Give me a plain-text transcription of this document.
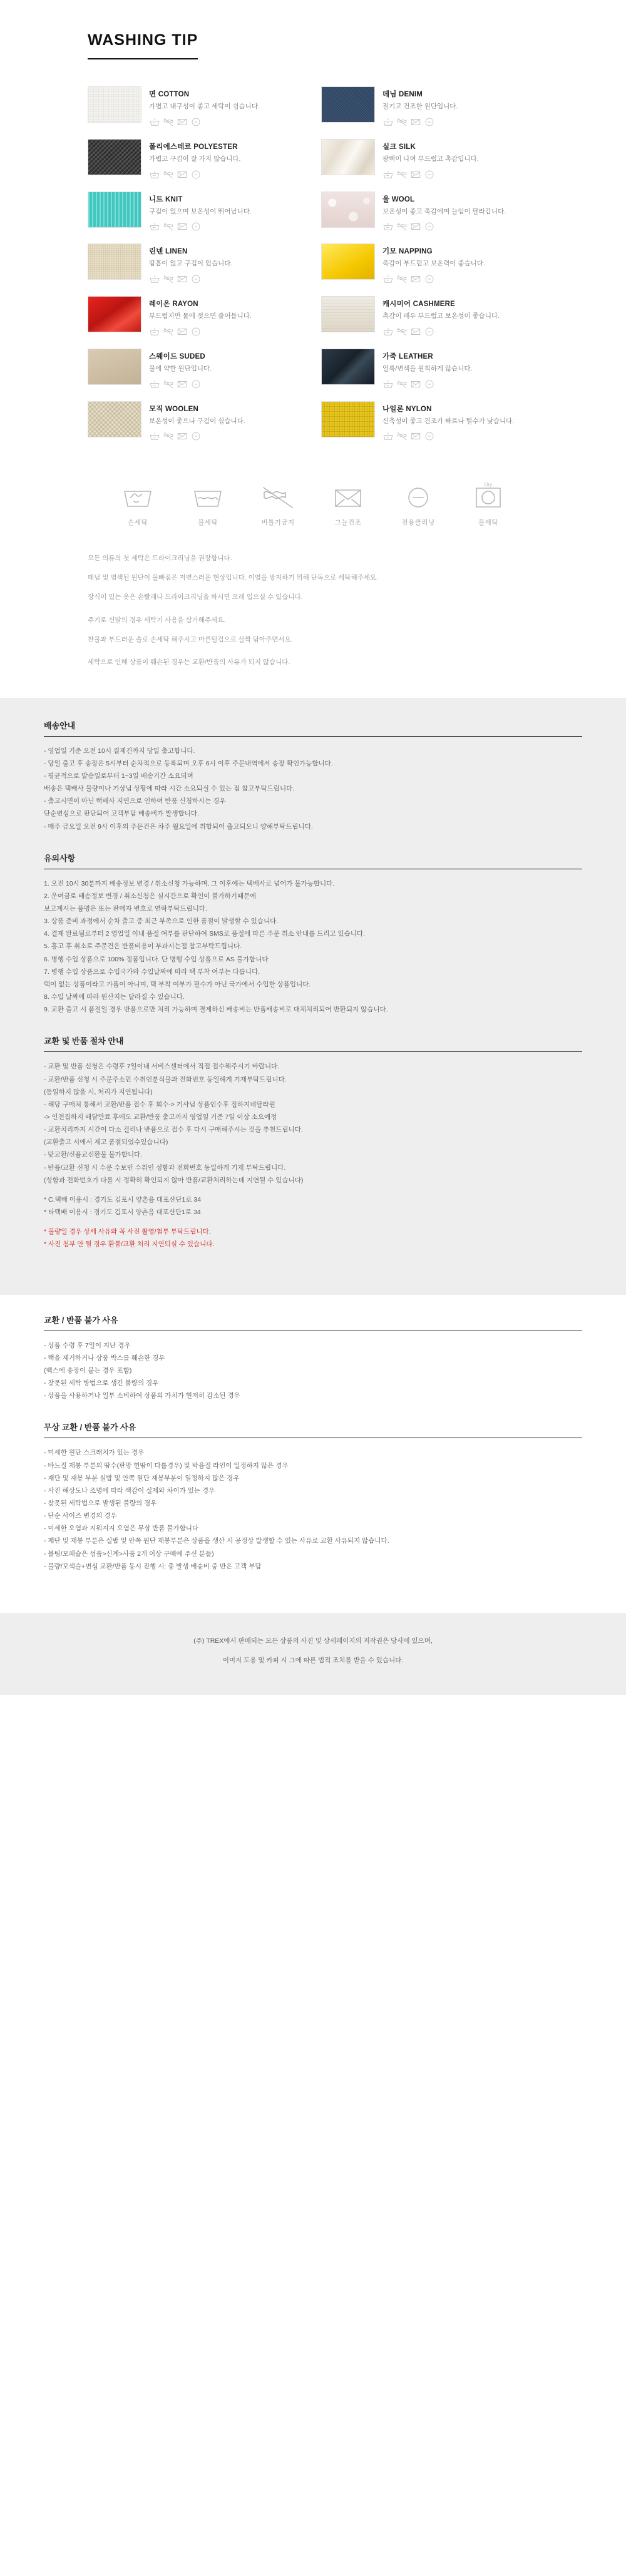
WASHING TIP
면 COTTON
가볍고 내구성이 좋고 세탁이 쉽습니다.
데님 DENIM
질기고 건조한 원단입니다.
폴리에스테르 POLYESTER
가볍고 구김이 잘 가지 않습니다.
실크 SILK
광택이 나며 부드럽고 촉감입니다.
니트 KNIT
구김이 없으며 보온성이 뛰어납니다.
울 WOOL
보온성이 좋고 촉감에며 늘임이 달라갑니다.
린넨 LINEN
땀흡이 없고 구김이 있습니다.
기모 NAPPING
촉감이 부드럽고 보온력이 좋습니다.
레이온 RAYON
부드럽지만 물에 젖으면 줄어듭니다.
캐시미어 CASHMERE
촉감이 매우 부드럽고 보온성이 좋습니다.
스웨이드 SUDED
물에 약한 원단입니다.
가죽 LEATHER
얼룩/변색을 원칙하게 않습니다.
모직 WOOLEN
보온성이 좋으나 구김이 쉽습니다.
나일론 NYLON
신축성이 좋고 건조가 빠르나 털수가 낮습니다.
손세탁	물세탁	비틀기금지	그늘건조	전용클리닝
Dry
물세탁

모든 의류의 첫 세탁은 드라이크리닝을 권장합니다.

데님 및 염색된 원단이 물빠짐은 저연스러운 현상입니다. 이염을 방지하기 위해 단독으로 세탁해주세요.

장식이 있는 옷은 손빨래나 드라이크리닝을 하시면 오래 입으실 수 있습니다.

주기로 신발의 경우 세탁기 사용을 삼가해주세요.

찬물과 부드러운 솔로 손세탁 해주시고 마른털겁으로 살짝 닦아주면서요.

세탁으로 인해 상품이 훼손된 경우는 교환/반품의 사유가 되지 않습니다.

배송안내

- 영업일 기준 오전 10시 결제건까지 당일 출고합니다.

- 당일 출고 후 송장은 5시부터 순차적으로 등록되며 오후 6시 이후 주문내역에서 송장 확인가능합니다.

- 평균적으로 발송일로부터 1~3일 배송기간 소요되며

배송은 택배사 물량이나 기상님 상황에 따라 시간 소요되실 수 있는 점 참고부탁드립니다.

- 출고시면이 아닌 택배사 지연으로 인하여 반품 신청하시는 경우

단순변심으로 판단되어 고객부담 배송비가 발생합니다.

- 매주 금요일 오전 9시 이후의 주문건은 차주 월요일에 취합되어 출고되오니 양해부탁드립니다.

유의사항

1. 오전 10시 30분까지 배송정보 변경 / 취소신청 가능하며, 그 이후에는 택배사로 넘어가 불가능합니다.

2. 운여금로 배송정보 변경 / 취소신청은 실시간으로 확인이 불가하기때문에

보고계시는 품명은 또는 판매자 변호로 연락부탁드립니다.

3. 상품 준비 과정에서 순차 출고 중 최근 부족으로 인한 품절이 발생할 수 있습니다.

4. 결제 완료됨로부터 2 영업일 이내 품절 여부를 판단하여 SMS로 품절에 따른 주문 취소 안내를 드리고 있습니다.

5. 홍고 후 취소로 주문건은 반품비용이 부과시는점 참고부탁드립니다.

6. 병행 수입 상품으로 100% 정품입니다. 단 병행 수입 상품으로 AS 불가합니다

7. 병행 수입 상품으로 수입국가와 수입날짜에 따라 택 부착 여부는 다릅니다.

택이 없는 상품이라고 가품이 아니며, 택 부착 여부가 필수가 아닌 국가에서 수입한 상품입니다.

8. 수입 날짜에 따라 원산지는 달라질 수 있습니다.

9. 교환 출고 시 품절일 경우 반품으로만 처리 가능하며 결제하신 배송비는 반품배송비로 대체처리되어 반환되지 않습니다.

교환 및 반품 절차 안내

- 교환 및 반품 신청은 수령후 7일이내 서비스센터에서 직접 접수해주시기 바랍니다.

- 교환/반품 신청 시 주문주소민 수취인분식물과 전화번호 동일해게 기재부탁드립니다.

(동일하지 않을 시, 처리가 지연됩니다)

- 해당 구매처 통해서 교환/반품 접수 후 회수-> 기사님 상품인수후 집하지네달라원

-> 인전집하지 배달만료 후에도 교환/반품 출고까지 영업일 기준 7일 이상 소요예정

- 교환치리까지 시간이 다소 걸리나 반품으로 접수 후 다시 구매해주시는 것을 추천드립니다.

(교환출고 시에서 제고 품절되었수있습니다)

- 맞교환/신품교신환불 불가합니다.

- 반품/교환 신청 시 수문 수보인 수취인 성함과 전화번호 동일하게 기재 부탁드립니다.

(성함과 전화번호가 다를 시 정확히 확인되지 않아 반품/교환처리하는데 지연될 수 있습니다)

* C.택배 이용시 : 경기도 김포시 양촌음 대포산단1로 34

* 타택배 이용시 : 경기도 김포시 양촌음 대포산단1로 34

* 불량일 경우 상세 사유와 꼭 사진 촬영/첨부 부탁드립니다.

* 사진 첨부 안 될 경우 환불/교환 처리 지연되실 수 있습니다.

교환 / 반품 불가 사유

- 상품 수령 후 7일이 지난 경우

- 택을 제거하거나 상품 박스를 훼손한 경우

(백스에 송장이 붙는 경우 포함)

- 찾못된 세탁 방법으로 생긴 불량의 경우

- 상품을 사용하거나 일부 소비하여 상품의 가치가 현저히 감소된 경우

무상 교환 / 반품 불가 사유

- 미세한 원단 스크래치가 있는 경우

- 바느질 재봉 부분의 땀수(판망 헌땀이 다를경우) 및 박음질 라인이 일정하지 않은 경우

- 재단 및 재봉 부분 실밥 및 안쪽 원단 재봉부분이 일정하지 많은 경우

- 사진 해상도나 조명에 따라 색감이 실제와 차이가 있는 경우

- 찾못된 세탁법으로 발생된 불량의 경우

- 단순 사이즈 변경의 경우

- 미세한 오염과 지워지지 오염은 무상 반품 불가합니다

- 재단 및 재봉 부분은 실밥 및 안쪽 원단 재봉부분은 상품을 생산 시 공정상 발생할 수 있는 사유로 교환 사유되지 않습니다.

- 볼팅/모패슬은 섬품>신계>사품 2개 이상 구매에 주신 분들)

- 불량/모색슬+변심 교환/반품 동시 진행 시: 총 발생 배송비 중 반은 고객 부담

(주) TREX에서 판매되는 모든 상품의 사진 및 상세페이지의 저작권은 당사에 있으며,

이미지 도용 및 카피 시 그에 따른 법적 조치를 받을 수 있습니다.
